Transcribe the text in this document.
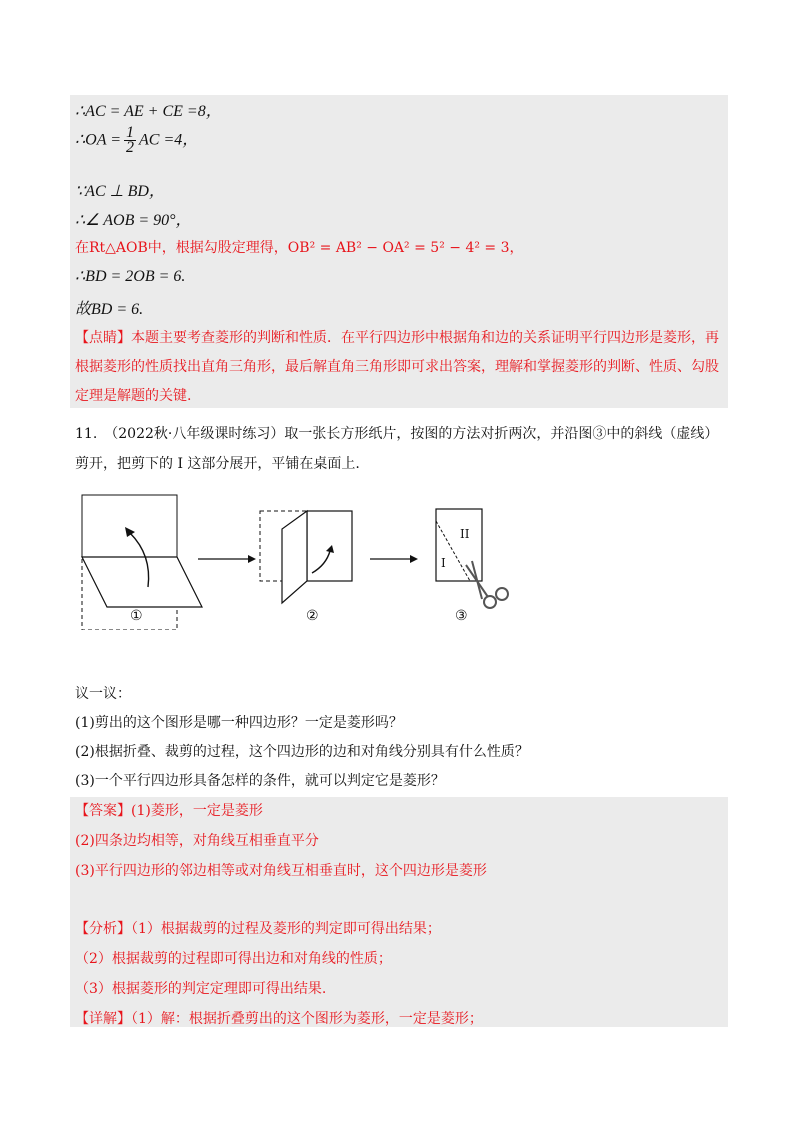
∴AC = AE + CE =8，
∴OA = $\frac{1}{2}$ AC =4，
∵AC ⊥ BD，
∴∠ AOB = 90°，
在Rt△AOB中，根据勾股定理得，OB² = AB² − OA² = 5² − 4² = 3，
∴BD = 2OB = 6.
故BD = 6.
【点睛】本题主要考查菱形的判断和性质．在平行四边形中根据角和边的关系证明平行四边形是菱形，再
根据菱形的性质找出直角三角形，最后解直角三角形即可求出答案，理解和掌握菱形的判断、性质、勾股
定理是解题的关键.
11.　（2022秋·八年级课时练习）取一张长方形纸片，按图的方法对折两次，并沿图③中的斜线（虚线）
剪开，把剪下的 I 这部分展开，平铺在桌面上.
II
I
①	②	③
议一议：
(1)剪出的这个图形是哪一种四边形？一定是菱形吗？
(2)根据折叠、裁剪的过程，这个四边形的边和对角线分别具有什么性质？
(3)一个平行四边形具备怎样的条件，就可以判定它是菱形？
【答案】(1)菱形，一定是菱形
(2)四条边均相等，对角线互相垂直平分
(3)平行四边形的邻边相等或对角线互相垂直时，这个四边形是菱形
【分析】（1）根据裁剪的过程及菱形的判定即可得出结果；
（2）根据裁剪的过程即可得出边和对角线的性质；
（3）根据菱形的判定定理即可得出结果.
【详解】（1）解：根据折叠剪出的这个图形为菱形，一定是菱形；
